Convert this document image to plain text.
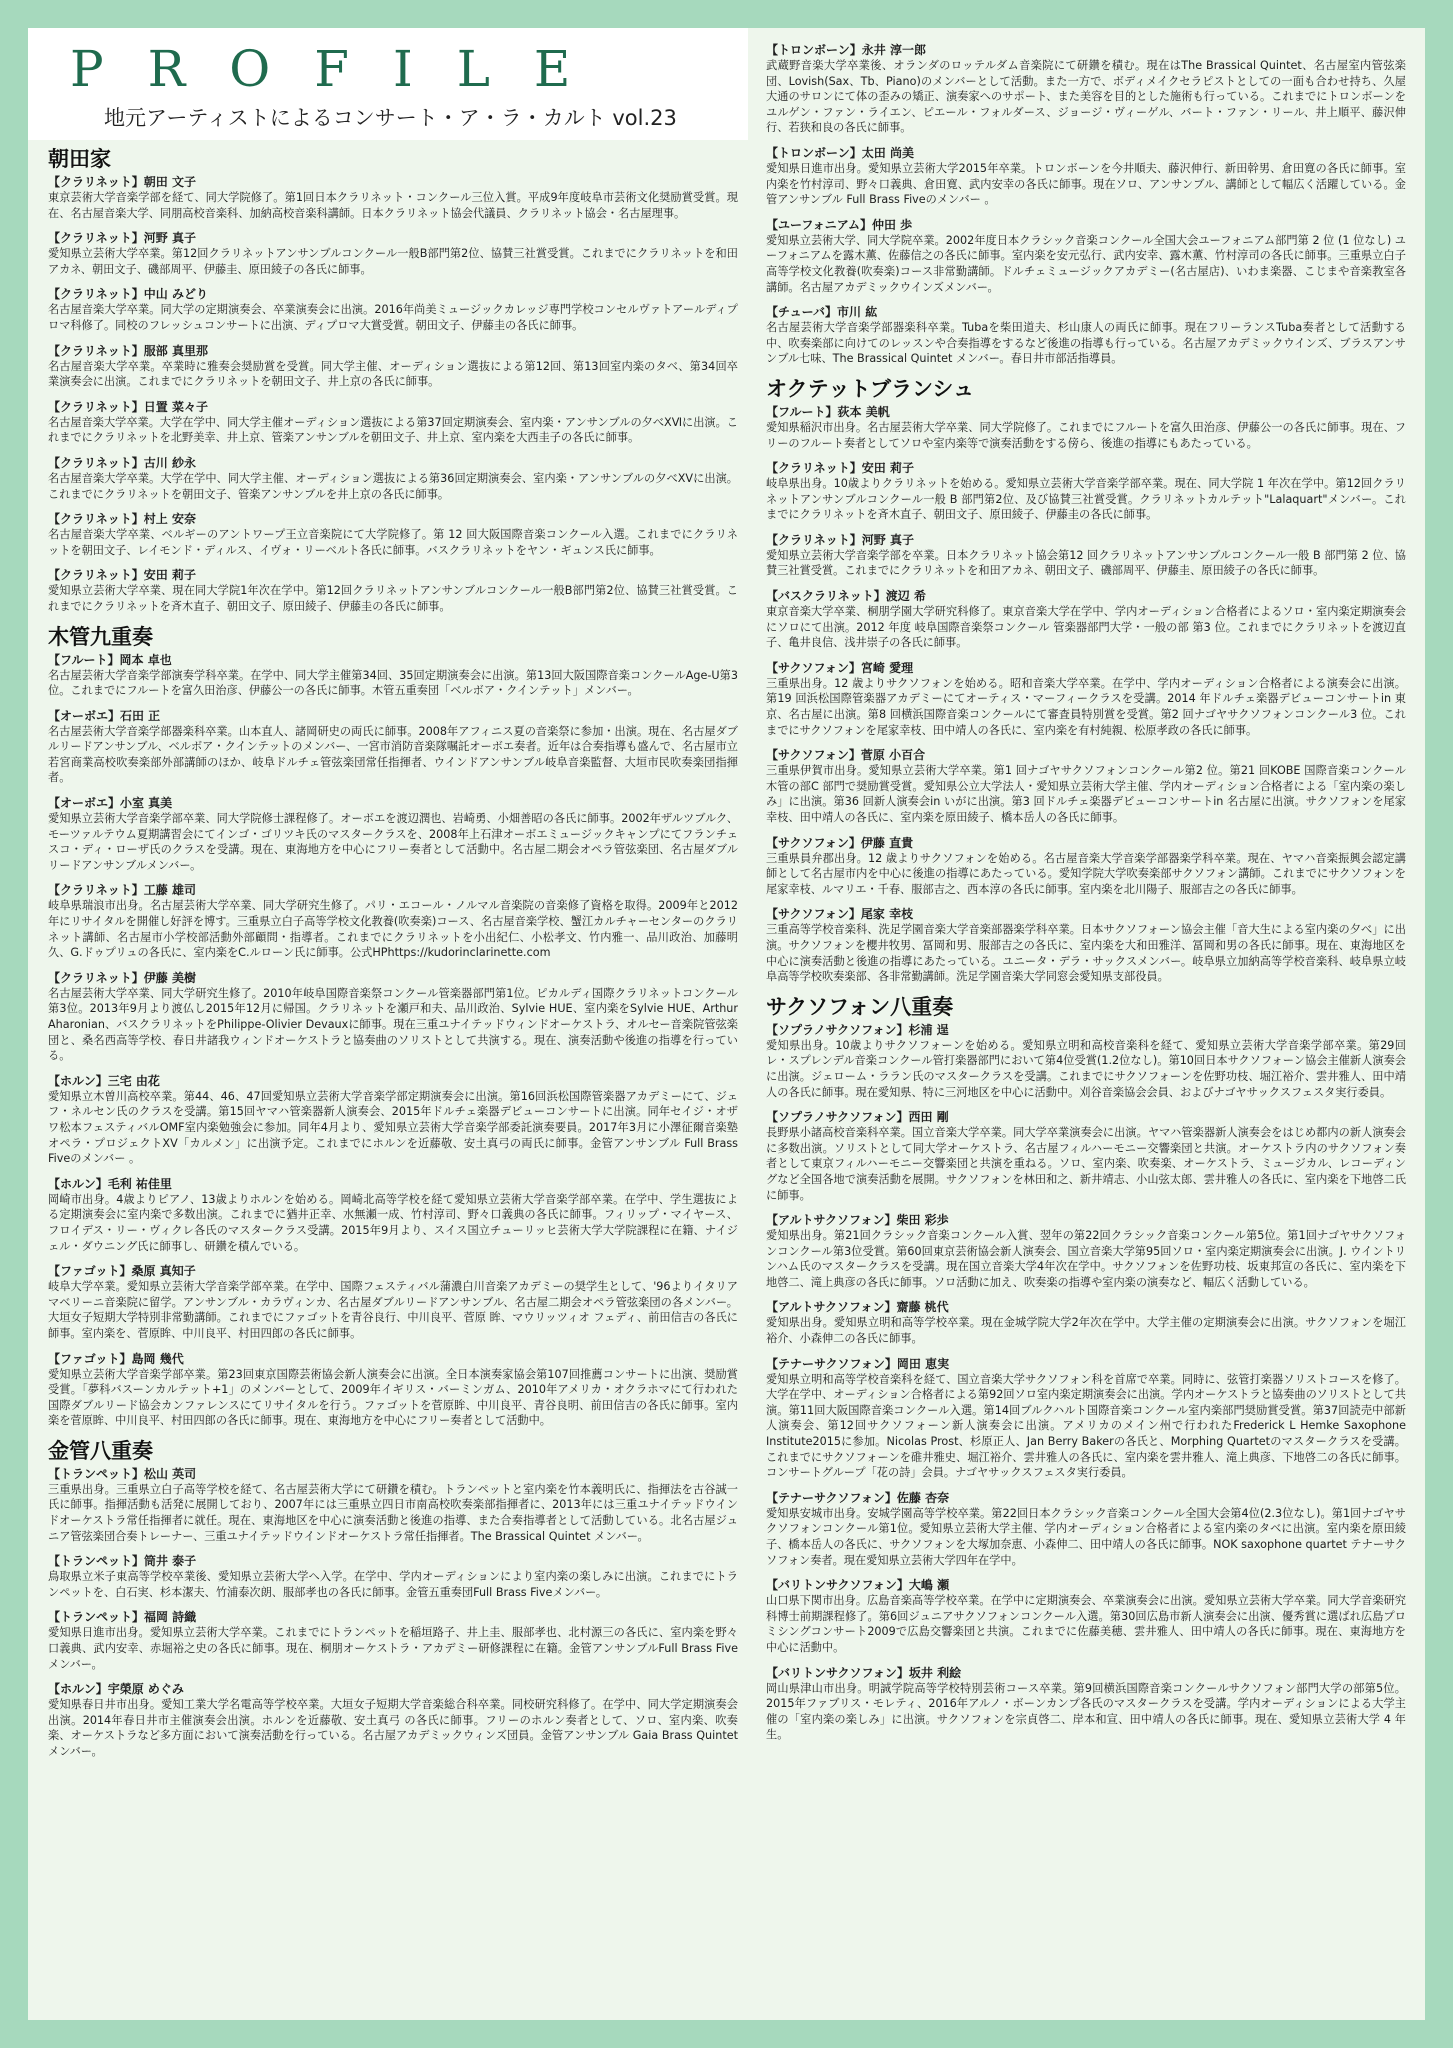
PROFILE
地元アーティストによるコンサート・ア・ラ・カルト vol.23
朝田家
【クラリネット】朝田 文子
東京芸術大学音楽学部を経て、同大学院修了。第1回日本クラリネット・コンクール三位入賞。平成9年度岐阜市芸術文化奨励賞受賞。現在、名古屋音楽大学、同朋高校音楽科、加納高校音楽科講師。日本クラリネット協会代議員、クラリネット協会・名古屋理事。
【クラリネット】河野 真子
愛知県立芸術大学卒業。第12回クラリネットアンサンブルコンクール一般B部門第2位、協賛三社賞受賞。これまでにクラリネットを和田アカネ、朝田文子、磯部周平、伊藤圭、原田綾子の各氏に師事。
【クラリネット】中山 みどり
名古屋音楽大学卒業。同大学の定期演奏会、卒業演奏会に出演。2016年尚美ミュージックカレッジ専門学校コンセルヴァトアールディプロマ科修了。同校のフレッシュコンサートに出演、ディプロマ大賞受賞。朝田文子、伊藤圭の各氏に師事。
【クラリネット】服部 真里那
名古屋音楽大学卒業。卒業時に雅奏会奨励賞を受賞。同大学主催、オーディション選抜による第12回、第13回室内楽のタベ、第34回卒業演奏会に出演。これまでにクラリネットを朝田文子、井上京の各氏に師事。
【クラリネット】日置 菜々子
名古屋音楽大学卒業。大学在学中、同大学主催オーディション選抜による第37回定期演奏会、室内楽・アンサンブルの夕べⅩⅥに出演。これまでにクラリネットを北野美幸、井上京、管楽アンサンブルを朝田文子、井上京、室内楽を大西圭子の各氏に師事。
【クラリネット】古川 紗永
名古屋音楽大学卒業。大学在学中、同大学主催、オーディション選抜による第36回定期演奏会、室内楽・アンサンブルの夕べXVに出演。これまでにクラリネットを朝田文子、管楽アンサンブルを井上京の各氏に師事。
【クラリネット】村上 安奈
名古屋音楽大学卒業、ベルギーのアントワープ王立音楽院にて大学院修了。第 12 回大阪国際音楽コンクール入選。これまでにクラリネットを朝田文子、レイモンド・ディルス、イヴォ・リーベルト各氏に師事。バスクラリネットをヤン・ギュンス氏に師事。
【クラリネット】安田 莉子
愛知県立芸術大学卒業、現在同大学院1年次在学中。第12回クラリネットアンサンブルコンクール一般B部門第2位、協賛三社賞受賞。これまでにクラリネットを斉木直子、朝田文子、原田綾子、伊藤圭の各氏に師事。
木管九重奏
【フルート】岡本 卓也
名古屋芸術大学音楽学部演奏学科卒業。在学中、同大学主催第34回、35回定期演奏会に出演。第13回大阪国際音楽コンクールAge-U第3位。これまでにフルートを富久田治彦、伊藤公一の各氏に師事。木管五重奏団「ベルボア・クインテット」メンバー。
【オーボエ】石田 正
名古屋芸術大学音楽学部器楽科卒業。山本直人、諸岡研史の両氏に師事。2008年アフィニス夏の音楽祭に参加・出演。現在、名古屋ダブルリードアンサンブル、ベルボア・クインテットのメンバー、一宮市消防音楽隊嘱託オーボエ奏者。近年は合奏指導も盛んで、名古屋市立若宮商業高校吹奏楽部外部講師のほか、岐阜ドルチェ管弦楽団常任指揮者、ウインドアンサンブル岐阜音楽監督、大垣市民吹奏楽団指揮者。
【オーボエ】小室 真美
愛知県立芸術大学音楽学部卒業、同大学院修士課程修了。オーボエを渡辺潤也、岩崎勇、小畑善昭の各氏に師事。2002年ザルツブルク、モーツァルテウム夏期講習会にてインゴ・ゴリツキ氏のマスタークラスを、2008年上石津オーボエミュージックキャンプにてフランチェスコ・ディ・ローザ氏のクラスを受講。現在、東海地方を中心にフリー奏者として活動中。名古屋二期会オペラ管弦楽団、名古屋ダブルリードアンサンブルメンバー。
【クラリネット】工藤 雄司
岐阜県瑞浪市出身。名古屋芸術大学卒業、同大学研究生修了。パリ・エコール・ノルマル音楽院の音楽修了資格を取得。2009年と2012年にリサイタルを開催し好評を博す。三重県立白子高等学校文化教養(吹奏楽)コース、名古屋音楽学校、蟹江カルチャーセンターのクラリネット講師、名古屋市小学校部活動外部顧問・指導者。これまでにクラリネットを小出紀仁、小松孝文、竹内雅一、品川政治、加藤明久、G.ドゥプリュの各氏に、室内楽をC.ルローン氏に師事。公式HPhttps://kudorinclarinette.com
【クラリネット】伊藤 美樹
名古屋芸術大学卒業、同大学研究生修了。2010年岐阜国際音楽祭コンクール管楽器部門第1位。ピカルディ国際クラリネットコンクール第3位。2013年9月より渡仏し2015年12月に帰国。クラリネットを瀬戸和夫、品川政治、Sylvie HUE、室内楽をSylvie HUE、Arthur Aharonian、バスクラリネットをPhilippe-Olivier Devauxに師事。現在三重ユナイテッドウィンドオーケストラ、オルセー音楽院管弦楽団と、桑名西高等学校、春日井諸我ウィンドオーケストラと協奏曲のソリストとして共演する。現在、演奏活動や後進の指導を行っている。
【ホルン】三宅 由花
愛知県立木曽川高校卒業。第44、46、47回愛知県立芸術大学音楽学部定期演奏会に出演。第16回浜松国際管楽器アカデミーにて、ジェフ・ネルセン氏のクラスを受講。第15回ヤマハ管楽器新人演奏会、2015年ドルチェ楽器デビューコンサートに出演。同年セイジ・オザワ松本フェスティバルOMF室内楽勉強会に参加。同年4月より、愛知県立芸術大学音楽学部委託演奏要員。2017年3月に小澤征爾音楽塾オペラ・プロジェクトXV「カルメン」に出演予定。これまでにホルンを近藤敬、安土真弓の両氏に師事。金管アンサンブル Full Brass Fiveのメンバー 。
【ホルン】毛利 祐佳里
岡崎市出身。4歳よりピアノ、13歳よりホルンを始める。岡崎北高等学校を経て愛知県立芸術大学音楽学部卒業。在学中、学生選抜による定期演奏会に室内楽で多数出演。これまでに猶井正幸、水無瀬一成、竹村淳司、野々口義典の各氏に師事。フィリップ・マイヤース、フロイデス・リー・ヴィクレ各氏のマスタークラス受講。2015年9月より、スイス国立チューリッヒ芸術大学大学院課程に在籍、ナイジェル・ダウニング氏に師事し、研鑽を積んでいる。
【ファゴット】桑原 真知子
岐阜大学卒業。愛知県立芸術大学音楽学部卒業。在学中、国際フェスティバル蒲濃白川音楽アカデミーの奨学生として、'96よりイタリア マベリーニ音楽院に留学。アンサンブル・カラヴィンカ、名古屋ダブルリードアンサンブル、名古屋二期会オペラ管弦楽団の各メンバー。大垣女子短期大学特別非常勤講師。これまでにファゴットを青谷良行、中川良平、菅原 眸、マウリッツィオ フェディ、前田信吉の各氏に師事。室内楽を、菅原眸、中川良平、村田四郎の各氏に師事。
【ファゴット】島岡 幾代
愛知県立芸術大学音楽学部卒業。第23回東京国際芸術協会新人演奏会に出演。全日本演奏家協会第107回推薦コンサートに出演、奨励賞受賞。「夢科バスーンカルテット+1」のメンバーとして、2009年イギリス・バーミンガム、2010年アメリカ・オクラホマにて行われた国際ダブルリード協会カンファレンスにてリサイタルを行う。ファゴットを菅原眸、中川良平、青谷良明、前田信吉の各氏に師事。室内楽を菅原眸、中川良平、村田四郎の各氏に師事。現在、東海地方を中心にフリー奏者として活動中。
金管八重奏
【トランペット】松山 英司
三重県出身。三重県立白子高等学校を経て、名古屋芸術大学にて研鑽を積む。トランペットと室内楽を竹本義明氏に、指揮法を古谷誠一氏に師事。指揮活動も活発に展開しており、2007年には三重県立四日市南高校吹奏楽部指揮者に、2013年には三重ユナイテッドウインドオーケストラ常任指揮者に就任。現在、東海地区を中心に演奏活動と後進の指導、また合奏指導者として活動している。北名古屋ジュニア管弦楽団合奏トレーナー、三重ユナイテッドウインドオーケストラ常任指揮者。The Brassical Quintet メンバー。
【トランペット】筒井 泰子
鳥取県立米子東高等学校卒業後、愛知県立芸術大学へ入学。在学中、学内オーディションにより室内楽の楽しみに出演。これまでにトランペットを、白石実、杉本潔夫、竹浦泰次朗、服部孝也の各氏に師事。金管五重奏団Full Brass Fiveメンバー。
【トランペット】福岡 詩織
愛知県日進市出身。愛知県立芸術大学卒業。これまでにトランペットを稲垣路子、井上圭、服部孝也、北村源三の各氏に、室内楽を野々口義典、武内安幸、赤堀裕之史の各氏に師事。現在、桐朋オーケストラ・アカデミー研修課程に在籍。金管アンサンブルFull Brass Fiveメンバー。
【ホルン】宇榮原 めぐみ
愛知県春日井市出身。愛知工業大学名電高等学校卒業。大垣女子短期大学音楽総合科卒業。同校研究科修了。在学中、同大学定期演奏会出演。2014年春日井市主催演奏会出演。ホルンを近藤敬、安土真弓 の各氏に師事。フリーのホルン奏者として、ソロ、室内楽、吹奏楽、オーケストラなど多方面において演奏活動を行っている。名古屋アカデミックウィンズ団員。金管アンサンブル Gaia Brass Quintetメンバー。
【トロンボーン】永井 淳一郎
武蔵野音楽大学卒業後、オランダのロッテルダム音楽院にて研鑽を積む。現在はThe Brassical Quintet、名古屋室内管弦楽団、Lovish(Sax、Tb、Piano)のメンバーとして活動。また一方で、ボディメイクセラピストとしての一面も合わせ持ち、久屋大通のサロンにて体の歪みの矯正、演奏家へのサポート、また美容を目的とした施術も行っている。これまでにトロンボーンをユルゲン・ファン・ライエン、ピエール・フォルダース、ジョージ・ヴィーゲル、バート・ファン・リール、井上順平、藤沢伸行、若狭和良の各氏に師事。
【トロンボーン】太田 尚美
愛知県日進市出身。愛知県立芸術大学2015年卒業。トロンボーンを今井順夫、藤沢伸行、新田幹男、倉田寛の各氏に師事。室内楽を竹村淳司、野々口義典、倉田寛、武内安幸の各氏に師事。現在ソロ、アンサンブル、講師として幅広く活躍している。金管アンサンブル Full Brass Fiveのメンバー 。
【ユーフォニアム】仲田 歩
愛知県立芸術大学、同大学院卒業。2002年度日本クラシック音楽コンクール全国大会ユーフォニアム部門第 2 位 (1 位なし) ユーフォニアムを露木薫、佐藤信之の各氏に師事。室内楽を安元弘行、武内安幸、露木薫、竹村淳司の各氏に師事。三重県立白子高等学校文化教養(吹奏楽)コース非常勤講師。ドルチェミュージックアカデミー(名古屋店)、いわま楽器、こじまや音楽教室各講師。名古屋アカデミックウインズメンバー。
【チューバ】市川 紘
名古屋芸術大学音楽学部器楽科卒業。Tubaを柴田道夫、杉山康人の両氏に師事。現在フリーランスTuba奏者として活動する中、吹奏楽部に向けてのレッスンや合奏指導をするなど後進の指導も行っている。名古屋アカデミックウインズ、ブラスアンサンブル七味、The Brassical Quintet メンバー。春日井市部活指導員。
オクテットブランシュ
【フルート】荻本 美帆
愛知県稲沢市出身。名古屋芸術大学卒業、同大学院修了。これまでにフルートを富久田治彦、伊藤公一の各氏に師事。現在、フリーのフルート奏者としてソロや室内楽等で演奏活動をする傍ら、後進の指導にもあたっている。
【クラリネット】安田 莉子
岐阜県出身。10歳よりクラリネットを始める。愛知県立芸術大学音楽学部卒業。現在、同大学院 1 年次在学中。第12回クラリネットアンサンブルコンクール一般 B 部門第2位、及び協賛三社賞受賞。クラリネットカルテット"Lalaquart"メンバー。これまでにクラリネットを斉木直子、朝田文子、原田綾子、伊藤圭の各氏に師事。
【クラリネット】河野 真子
愛知県立芸術大学音楽学部を卒業。日本クラリネット協会第12 回クラリネットアンサンブルコンクール一般 B 部門第 2 位、協賛三社賞受賞。これまでにクラリネットを和田アカネ、朝田文子、磯部周平、伊藤圭、原田綾子の各氏に師事。
【バスクラリネット】渡辺 希
東京音楽大学卒業、桐朋学園大学研究科修了。東京音楽大学在学中、学内オーディション合格者によるソロ・室内楽定期演奏会にソロにて出演。2012 年度 岐阜国際音楽祭コンクール 管楽器部門大学・一般の部 第3 位。これまでにクラリネットを渡辺直子、亀井良信、浅井崇子の各氏に師事。
【サクソフォン】宮崎 愛理
三重県出身。12 歳よりサクソフォンを始める。昭和音楽大学卒業。在学中、学内オーディション合格者による演奏会に出演。第19 回浜松国際管楽器アカデミーにてオーティス・マーフィークラスを受講。2014 年ドルチェ楽器デビューコンサートin 東京、名古屋に出演。第8 回横浜国際音楽コンクールにて審査員特別賞を受賞。第2 回ナゴヤサクソフォンコンクール3 位。これまでにサクソフォンを尾家幸枝、田中靖人の各氏に、室内楽を有村純親、松原孝政の各氏に師事。
【サクソフォン】菅原 小百合
三重県伊賀市出身。愛知県立芸術大学卒業。第1 回ナゴヤサクソフォンコンクール第2 位。第21 回KOBE 国際音楽コンクール木管の部C 部門で奨励賞受賞。愛知県公立大学法人・愛知県立芸術大学主催、学内オーディション合格者による「室内楽の楽しみ」に出演。第36 回新人演奏会in いがに出演。第3 回ドルチェ楽器デビューコンサートin 名古屋に出演。サクソフォンを尾家幸枝、田中靖人の各氏に、室内楽を原田綾子、橋本岳人の各氏に師事。
【サクソフォン】伊藤 直貴
三重県員弁郡出身。12 歳よりサクソフォンを始める。名古屋音楽大学音楽学部器楽学科卒業。現在、ヤマハ音楽振興会認定講師として名古屋市内を中心に後進の指導にあたっている。愛知学院大学吹奏楽部サクソフォン講師。これまでにサクソフォンを尾家幸枝、ルマリエ・千春、服部吉之、西本淳の各氏に師事。室内楽を北川陽子、服部吉之の各氏に師事。
【サクソフォン】尾家 幸枝
三重高等学校音楽科、洗足学園音楽大学音楽部器楽学科卒業。日本サクソフォーン協会主催「音大生による室内楽の夕べ」に出演。サクソフォンを櫻井牧男、冨岡和男、服部吉之の各氏に、室内楽を大和田雅洋、冨岡和男の各氏に師事。現在、東海地区を中心に演奏活動と後進の指導にあたっている。ユニータ・デラ・サックスメンバー。岐阜県立加納高等学校音楽科、岐阜県立岐阜高等学校吹奏楽部、各非常勤講師。洗足学園音楽大学同窓会愛知県支部役員。
サクソフォン八重奏
【ソプラノサクソフォン】杉浦 逞
愛知県出身。10歳よりサクソフォーンを始める。愛知県立明和高校音楽科を経て、愛知県立芸術大学音楽学部卒業。第29回レ・スプレンデル音楽コンクール管打楽器部門において第4位受賞(1.2位なし)。第10回日本サクソフォーン協会主催新人演奏会に出演。ジェローム・ララン氏のマスタークラスを受講。これまでにサクソフォーンを佐野功枝、堀江裕介、雲井雅人、田中靖人の各氏に師事。現在愛知県、特に三河地区を中心に活動中。刈谷音楽協会会員、およびナゴヤサックスフェスタ実行委員。
【ソプラノサクソフォン】西田 剛
長野県小諸高校音楽科卒業。国立音楽大学卒業。同大学卒業演奏会に出演。ヤマハ管楽器新人演奏会をはじめ都内の新人演奏会に多数出演。ソリストとして同大学オーケストラ、名古屋フィルハーモニー交響楽団と共演。オーケストラ内のサクソフォン奏者として東京フィルハーモニー交響楽団と共演を重ねる。ソロ、室内楽、吹奏楽、オーケストラ、ミュージカル、レコーディングなど全国各地で演奏活動を展開。サクソフォンを林田和之、新井靖志、小山弦太郎、雲井雅人の各氏に、室内楽を下地啓二氏に師事。
【アルトサクソフォン】柴田 彩歩
愛知県出身。第21回クラシック音楽コンクール入賞、翌年の第22回クラシック音楽コンクール第5位。第1回ナゴヤサクソフォンコンクール第3位受賞。第60回東京芸術協会新人演奏会、国立音楽大学第95回ソロ・室内楽定期演奏会に出演。J. ウイントリンハム氏のマスタークラスを受講。現在国立音楽大学4年次在学中。サクソフォンを佐野功枝、坂東邦宣の各氏に、室内楽を下地啓二、滝上典彦の各氏に師事。ソロ活動に加え、吹奏楽の指導や室内楽の演奏など、幅広く活動している。
【アルトサクソフォン】齋藤 桃代
愛知県出身。愛知県立明和高等学校卒業。現在金城学院大学2年次在学中。大学主催の定期演奏会に出演。サクソフォンを堀江裕介、小森伸二の各氏に師事。
【テナーサクソフォン】岡田 恵実
愛知県立明和高等学校音楽科を経て、国立音楽大学サクソフォン科を首席で卒業。同時に、弦管打楽器ソリストコースを修了。大学在学中、オーディション合格者による第92回ソロ室内楽定期演奏会に出演。学内オーケストラと協奏曲のソリストとして共演。第11回大阪国際音楽コンクール入選。第14回ブルクハルト国際音楽コンクール室内楽部門奨励賞受賞。第37回読売中部新人演奏会、第12回サクソフォーン新人演奏会に出演。アメリカのメイン州で行われたFrederick L Hemke Saxophone Institute2015に参加。Nicolas Prost、杉原正人、Jan Berry Bakerの各氏と、Morphing Quartetのマスタークラスを受講。これまでにサクソフォーンを碓井雅史、堀江裕介、雲井雅人の各氏に、室内楽を雲井雅人、滝上典彦、下地啓二の各氏に師事。コンサートグループ「花の詩」会員。ナゴヤサックスフェスタ実行委員。
【テナーサクソフォン】佐藤 杏奈
愛知県安城市出身。安城学園高等学校卒業。第22回日本クラシック音楽コンクール全国大会第4位(2.3位なし)。第1回ナゴヤサクソフォンコンクール第1位。愛知県立芸術大学主催、学内オーディション合格者による室内楽のタベに出演。室内楽を原田綾子、橋本岳人の各氏に、サクソフォンを大塚加奈恵、小森伸二、田中靖人の各氏に師事。NOK saxophone quartet テナーサクソフォン奏者。現在愛知県立芸術大学四年在学中。
【バリトンサクソフォン】大嶋 瀬
山口県下関市出身。広島音楽高等学校卒業。在学中に定期演奏会、卒業演奏会に出演。愛知県立芸術大学卒業。同大学音楽研究科博士前期課程修了。第6回ジュニアサクソフォンコンクール入選。第30回広島市新人演奏会に出演、優秀賞に選ばれ広島プロミシングコンサート2009で広島交響楽団と共演。これまでに佐藤美穂、雲井雅人、田中靖人の各氏に師事。現在、東海地方を中心に活動中。
【バリトンサクソフォン】坂井 利絵
岡山県津山市出身。明誠学院高等学校特別芸術コース卒業。第9回横浜国際音楽コンクールサクソフォン部門大学の部第5位。2015年ファブリス・モレティ、2016年アルノ・ボーンカンプ各氏のマスタークラスを受講。学内オーディションによる大学主催の「室内楽の楽しみ」に出演。サクソフォンを宗貞啓二、岸本和宣、田中靖人の各氏に師事。現在、愛知県立芸術大学 4 年生。
